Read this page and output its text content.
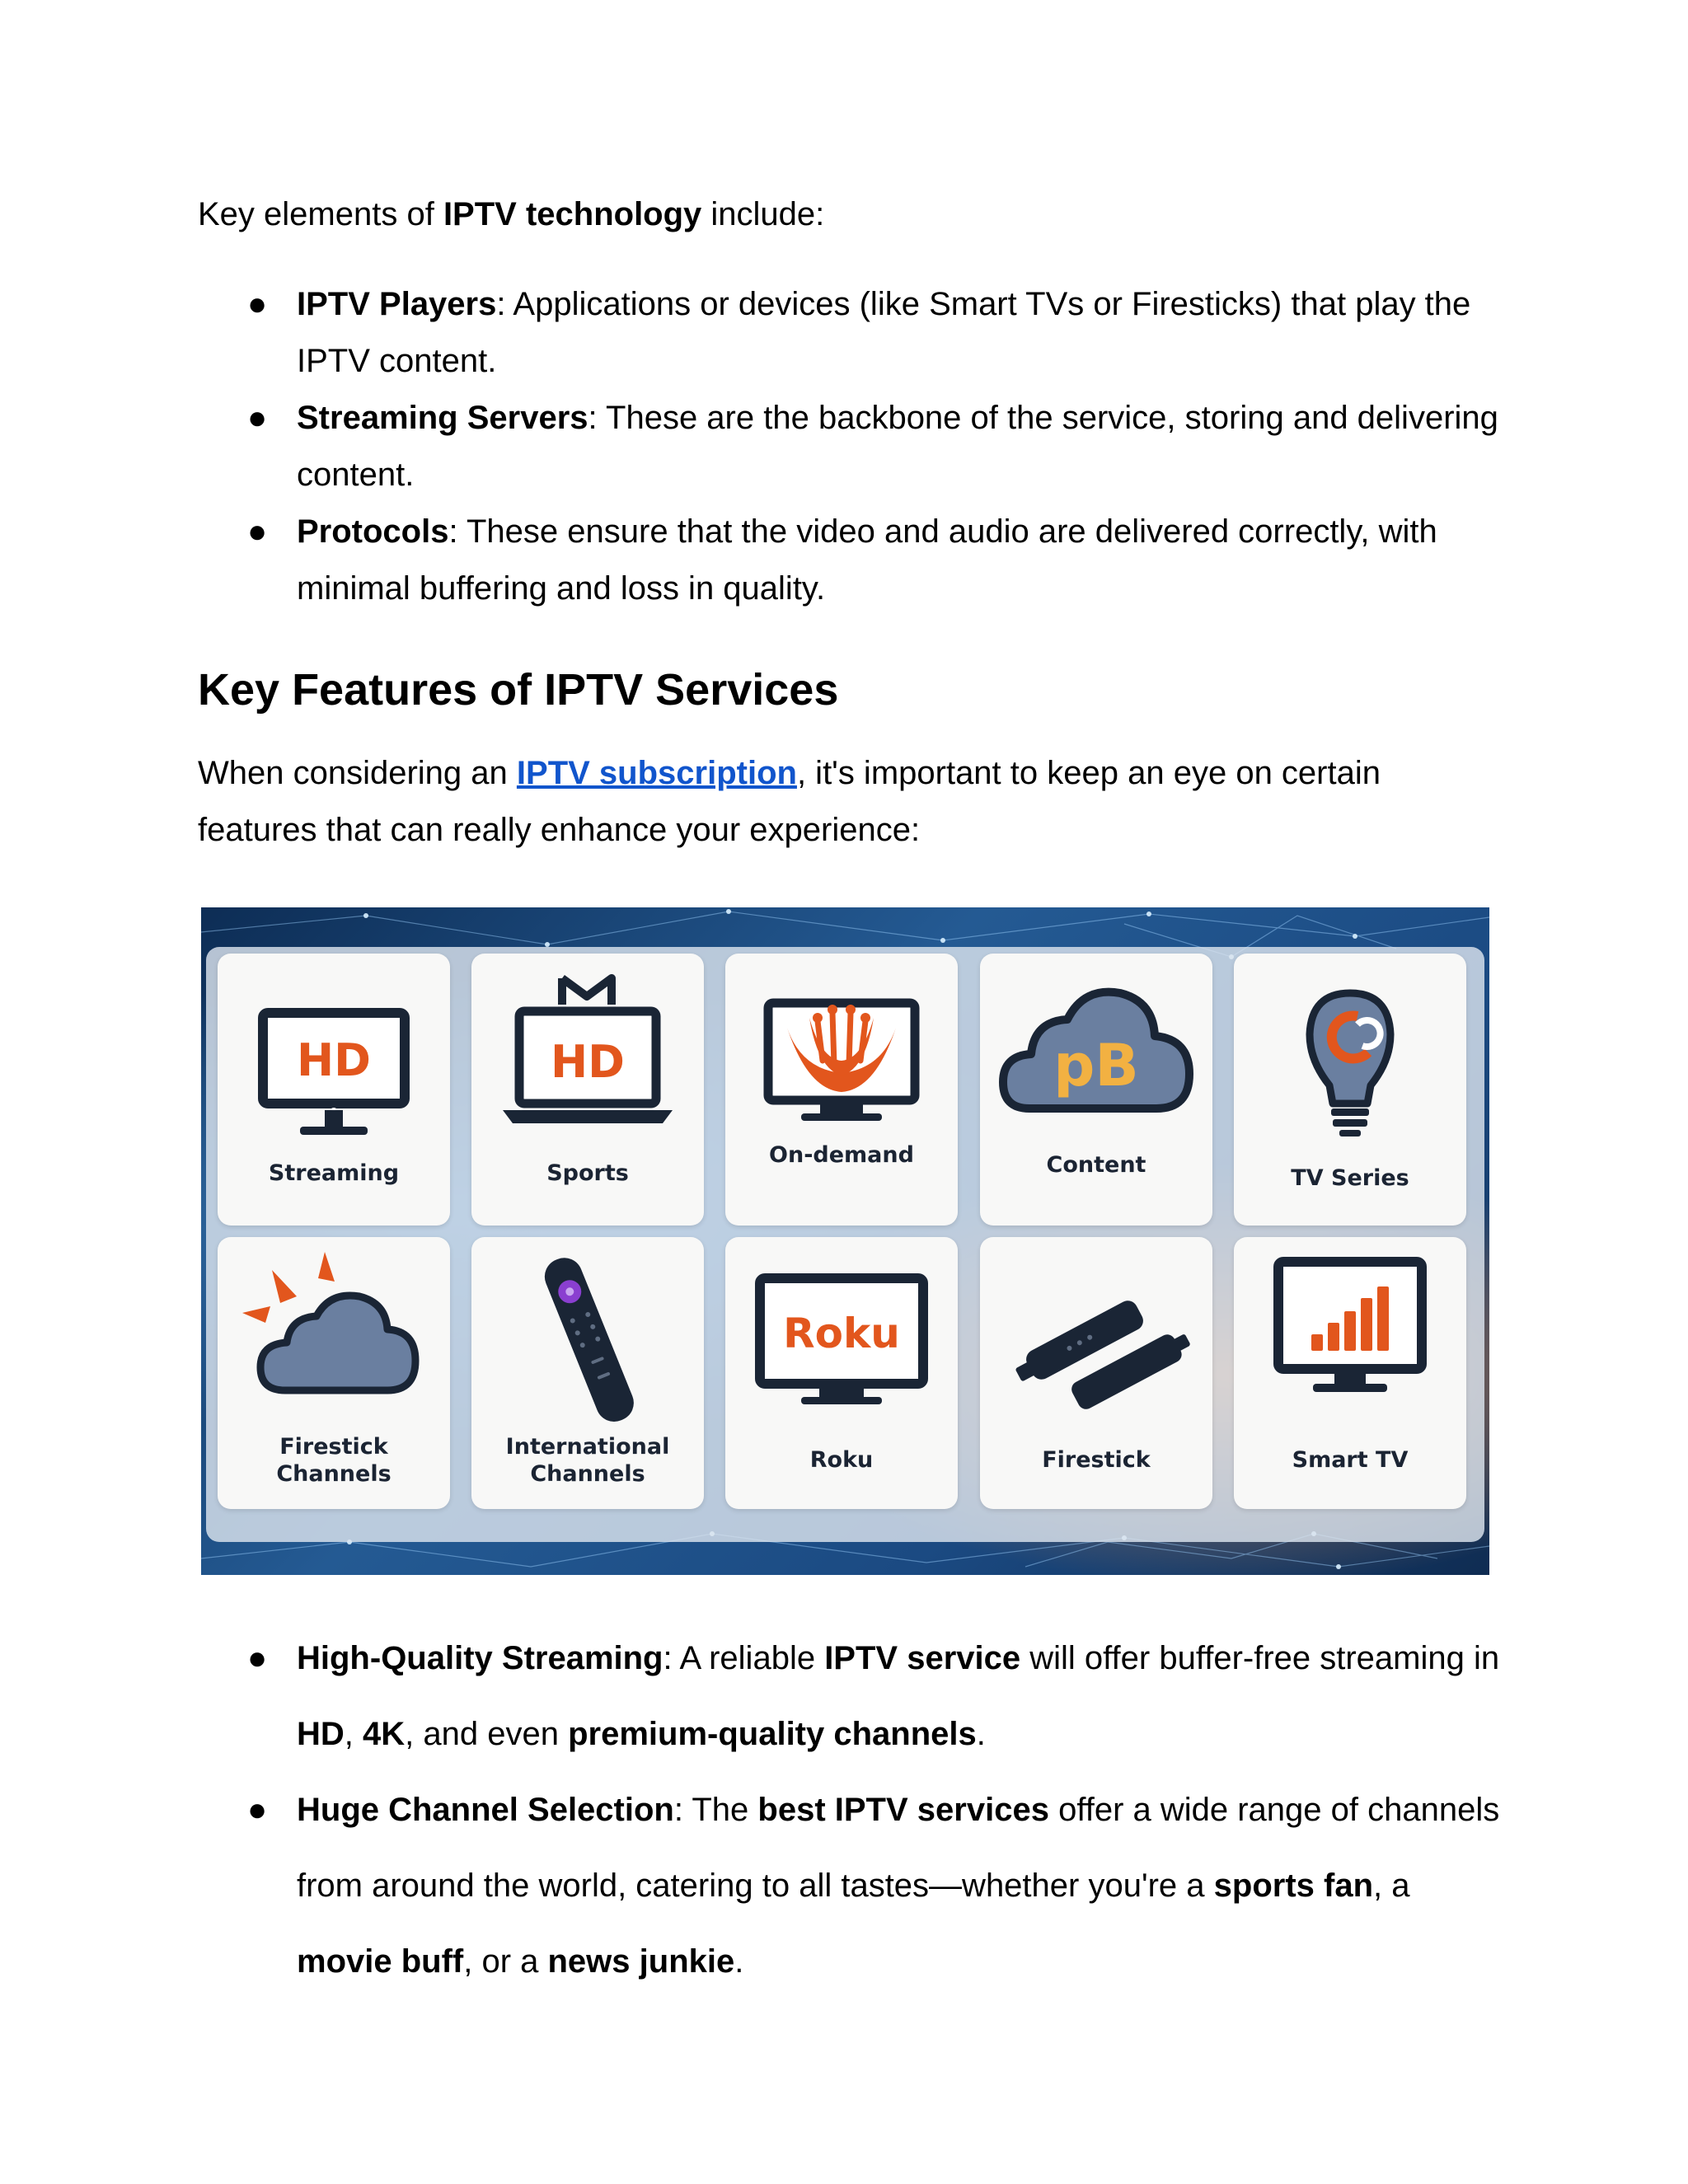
Key elements of IPTV technology include:

● IPTV Players: Applications or devices (like Smart TVs or Firesticks) that play the IPTV content.
● Streaming Servers: These are the backbone of the service, storing and delivering content.
● Protocols: These ensure that the video and audio are delivered correctly, with minimal buffering and loss in quality.
Key Features of IPTV Services

When considering an IPTV subscription, it's important to keep an eye on certain features that can really enhance your experience:

HD
Streaming
HD
Sports
On-demand
pB
Content
TV Series
Firestick
Channels
International
Channels
Roku
Roku	Firestick	Smart TV
● High-Quality Streaming: A reliable IPTV service will offer buffer-free streaming in HD, 4K, and even premium-quality channels.
● Huge Channel Selection: The best IPTV services offer a wide range of channels from around the world, catering to all tastes—whether you're a sports fan, a movie buff, or a news junkie.
